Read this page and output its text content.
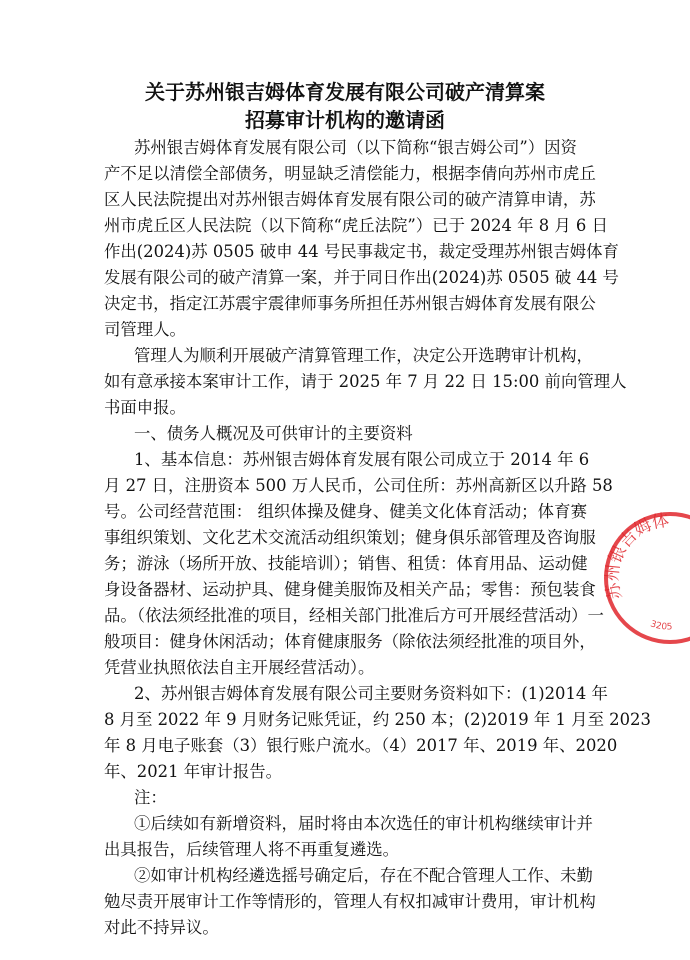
关于苏州银吉姆体育发展有限公司破产清算案
招募审计机构的邀请函
苏州银吉姆体育发展有限公司（以下简称“银吉姆公司”）因资
产不足以清偿全部债务，明显缺乏清偿能力，根据李倩向苏州市虎丘
区人民法院提出对苏州银吉姆体育发展有限公司的破产清算申请，苏
州市虎丘区人民法院（以下简称“虎丘法院”）已于 2024 年 8 月 6 日
作出(2024)苏 0505 破申 44 号民事裁定书，裁定受理苏州银吉姆体育
发展有限公司的破产清算一案，并于同日作出(2024)苏 0505 破 44 号
决定书，指定江苏震宇震律师事务所担任苏州银吉姆体育发展有限公
司管理人。
管理人为顺利开展破产清算管理工作，决定公开选聘审计机构，
如有意承接本案审计工作，请于 2025 年 7 月 22 日 15:00 前向管理人
书面申报。
一、债务人概况及可供审计的主要资料
1、基本信息：苏州银吉姆体育发展有限公司成立于 2014 年 6
月 27 日，注册资本 500 万人民币，公司住所：苏州高新区以升路 58
号。公司经营范围： 组织体操及健身、健美文化体育活动；体育赛
事组织策划、文化艺术交流活动组织策划；健身俱乐部管理及咨询服
务；游泳（场所开放、技能培训）；销售、租赁：体育用品、运动健
身设备器材、运动护具、健身健美服饰及相关产品；零售：预包装食
品。（依法须经批准的项目，经相关部门批准后方可开展经营活动）一
般项目：健身休闲活动；体育健康服务（除依法须经批准的项目外，
凭营业执照依法自主开展经营活动）。
2、苏州银吉姆体育发展有限公司主要财务资料如下：(1)2014 年
8 月至 2022 年 9 月财务记账凭证，约 250 本；(2)2019 年 1 月至 2023
年 8 月电子账套（3）银行账户流水。（4）2017 年、2019 年、2020
年、2021 年审计报告。
注：
①后续如有新增资料，届时将由本次选任的审计机构继续审计并
出具报告，后续管理人将不再重复遴选。
②如审计机构经遴选摇号确定后，存在不配合管理人工作、未勤
勉尽责开展审计工作等情形的，管理人有权扣减审计费用，审计机构
对此不持异议。
苏州银吉姆体
3205
